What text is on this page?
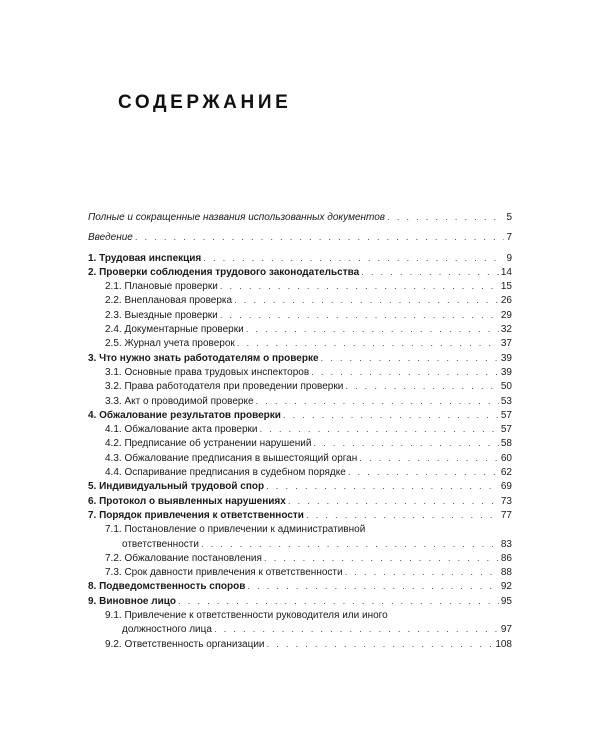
СОДЕРЖАНИЕ
Полные и сокращенные названия использованных документов . . .	5
Введение . . .	7
1. Трудовая инспекция . . .	9
2. Проверки соблюдения трудового законодательства . . .	14
2.1. Плановые проверки . . .	15
2.2. Внеплановая проверка . . .	26
2.3. Выездные проверки . . .	29
2.4. Документарные проверки . . .	32
2.5. Журнал учета проверок . . .	37
3. Что нужно знать работодателям о проверке . . .	39
3.1. Основные права трудовых инспекторов . . .	39
3.2. Права работодателя при проведении проверки . . .	50
3.3. Акт о проводимой проверке . . .	53
4. Обжалование результатов проверки . . .	57
4.1. Обжалование акта проверки . . .	57
4.2. Предписание об устранении нарушений . . .	58
4.3. Обжалование предписания в вышестоящий орган . . .	60
4.4. Оспаривание предписания в судебном порядке . . .	62
5. Индивидуальный трудовой спор . . .	69
6. Протокол о выявленных нарушениях . . .	73
7. Порядок привлечения к ответственности . . .	77
7.1. Постановление о привлечении к административной
ответственности . . .	83
7.2. Обжалование постановления . . .	86
7.3. Срок давности привлечения к ответственности . . .	88
8. Подведомственность споров . . .	92
9. Виновное лицо . . .	95
9.1. Привлечение к ответственности руководителя или иного
должностного лица . . .	97
9.2. Ответственность организации . . .	108
